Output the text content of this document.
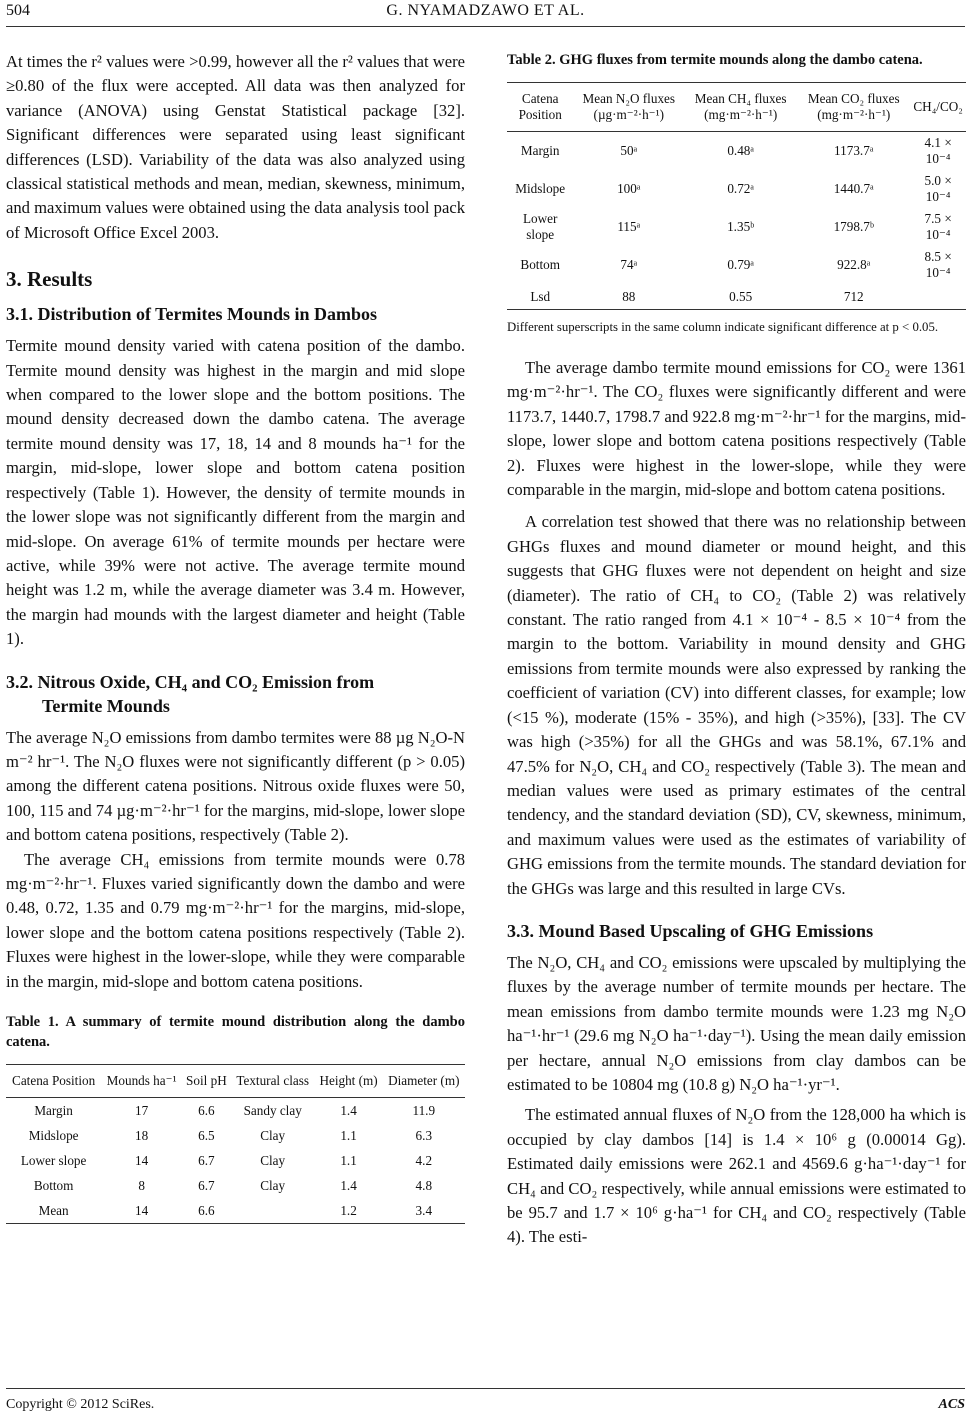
504	G. NYAMADZAWO ET AL.

At times the r² values were >0.99, however all the r² values that were ≥0.80 of the flux were accepted. All data was then analyzed for variance (ANOVA) using Genstat Statistical package [32]. Significant differences were separated using least significant differences (LSD). Variability of the data was also analyzed using classical statistical methods and mean, median, skewness, minimum, and maximum values were obtained using the data analysis tool pack of Microsoft Office Excel 2003.

3. Results
3.1. Distribution of Termites Mounds in Dambos

Termite mound density varied with catena position of the dambo. Termite mound density was highest in the margin and mid slope when compared to the lower slope and the bottom positions. The mound density decreased down the dambo catena. The average termite mound density was 17, 18, 14 and 8 mounds ha⁻¹ for the margin, mid-slope, lower slope and bottom catena position respectively (Table 1). However, the density of termite mounds in the lower slope was not significantly different from the margin and mid-slope. On average 61% of termite mounds per hectare were active, while 39% were not active. The average termite mound height was 1.2 m, while the average diameter was 3.4 m. However, the margin had mounds with the largest diameter and height (Table 1).

3.2. Nitrous Oxide, CH₄ and CO₂ Emission from
Termite Mounds

The average N₂O emissions from dambo termites were 88 µg N₂O-N m⁻² hr⁻¹. The N₂O fluxes were not significantly different (p > 0.05) among the different catena positions. Nitrous oxide fluxes were 50, 100, 115 and 74 µg·m⁻²·hr⁻¹ for the margins, mid-slope, lower slope and bottom catena positions, respectively (Table 2).

The average CH₄ emissions from termite mounds were 0.78 mg·m⁻²·hr⁻¹. Fluxes varied significantly down the dambo and were 0.48, 0.72, 1.35 and 0.79 mg·m⁻²·hr⁻¹ for the margins, mid-slope, lower slope and the bottom catena positions respectively (Table 2). Fluxes were highest in the lower-slope, while they were comparable in the margin, mid-slope and bottom catena positions.

Table 1. A summary of termite mound distribution along the dambo catena.

Catena Position	Mounds ha⁻¹	Soil pH	Textural class	Height (m)	Diameter (m)
Margin	17	6.6	Sandy clay	1.4	11.9
Midslope	18	6.5	Clay	1.1	6.3
Lower slope	14	6.7	Clay	1.1	4.2
Bottom	8	6.7	Clay	1.4	4.8
Mean	14	6.6		1.2	3.4

Table 2. GHG fluxes from termite mounds along the dambo catena.

Catena Position	Mean N₂O fluxes (µg·m⁻²·h⁻¹)	Mean CH₄ fluxes (mg·m⁻²·h⁻¹)	Mean CO₂ fluxes (mg·m⁻²·h⁻¹)	CH₄/CO₂
Margin	50ᵃ	0.48ᵃ	1173.7ᵃ	4.1 × 10⁻⁴
Midslope	100ᵃ	0.72ᵃ	1440.7ᵃ	5.0 × 10⁻⁴
Lower slope	115ᵃ	1.35ᵇ	1798.7ᵇ	7.5 × 10⁻⁴
Bottom	74ᵃ	0.79ᵃ	922.8ᵃ	8.5 × 10⁻⁴
Lsd	88	0.55	712	

Different superscripts in the same column indicate significant difference at p < 0.05.

The average dambo termite mound emissions for CO₂ were 1361 mg·m⁻²·hr⁻¹. The CO₂ fluxes were significantly different and were 1173.7, 1440.7, 1798.7 and 922.8 mg·m⁻²·hr⁻¹ for the margins, mid-slope, lower slope and bottom catena positions respectively (Table 2). Fluxes were highest in the lower-slope, while they were comparable in the margin, mid-slope and bottom catena positions.

A correlation test showed that there was no relationship between GHGs fluxes and mound diameter or mound height, and this suggests that GHG fluxes were not dependent on height and size (diameter). The ratio of CH₄ to CO₂ (Table 2) was relatively constant. The ratio ranged from 4.1 × 10⁻⁴ - 8.5 × 10⁻⁴ from the margin to the bottom. Variability in mound density and GHG emissions from termite mounds were also expressed by ranking the coefficient of variation (CV) into different classes, for example; low (<15 %), moderate (15% - 35%), and high (>35%), [33]. The CV was high (>35%) for all the GHGs and was 58.1%, 67.1% and 47.5% for N₂O, CH₄ and CO₂ respectively (Table 3). The mean and median values were used as primary estimates of the central tendency, and the standard deviation (SD), CV, skewness, minimum, and maximum values were used as the estimates of variability of GHG emissions from the termite mounds. The standard deviation for the GHGs was large and this resulted in large CVs.

3.3. Mound Based Upscaling of GHG Emissions

The N₂O, CH₄ and CO₂ emissions were upscaled by multiplying the fluxes by the average number of termite mounds per hectare. The mean emissions from dambo termite mounds were 1.23 mg N₂O ha⁻¹·hr⁻¹ (29.6 mg N₂O ha⁻¹·day⁻¹). Using the mean daily emission per hectare, annual N₂O emissions from clay dambos can be estimated to be 10804 mg (10.8 g) N₂O ha⁻¹·yr⁻¹.

The estimated annual fluxes of N₂O from the 128,000 ha which is occupied by clay dambos [14] is 1.4 × 10⁶ g (0.00014 Gg). Estimated daily emissions were 262.1 and 4569.6 g·ha⁻¹·day⁻¹ for CH₄ and CO₂ respectively, while annual emissions were estimated to be 95.7 and 1.7 × 10⁶ g·ha⁻¹ for CH₄ and CO₂ respectively (Table 4). The esti-

Copyright © 2012 SciRes.	ACS
